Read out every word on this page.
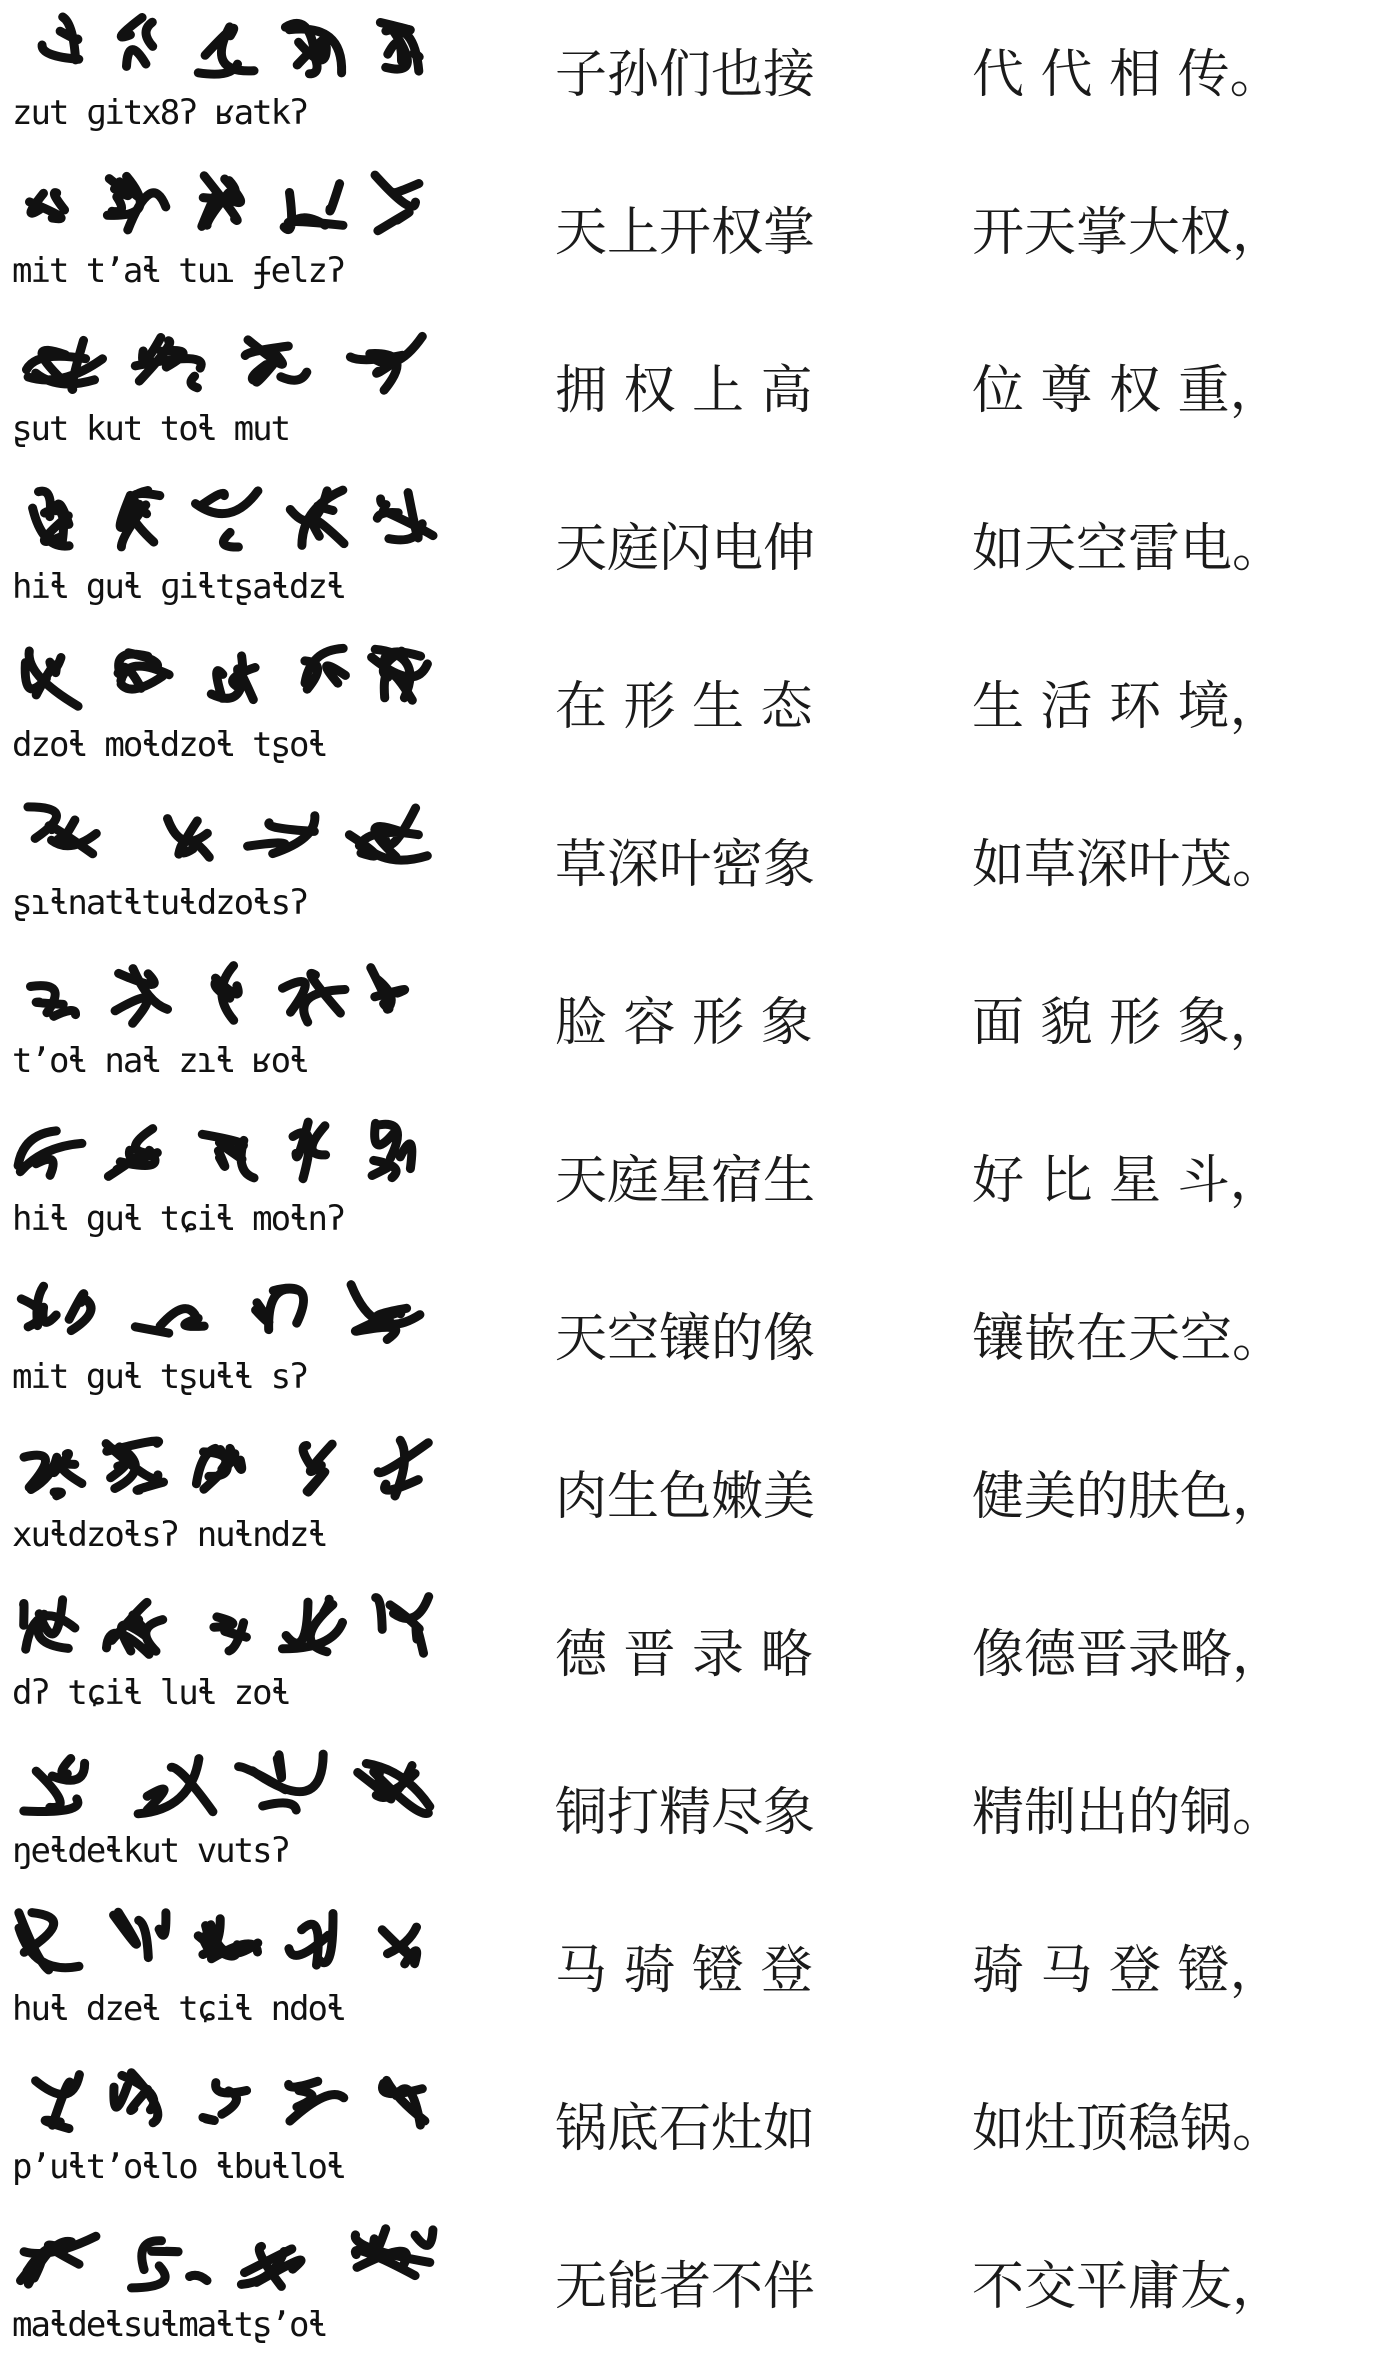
zut ɡitx8ʔ ʁatkʔ
子孙们也接	代 代 相 传。
mit tʼaɬ tuɿ ʄelzʔ
天上开权掌	开天掌大权，
ʂut kut toɬ mut
拥 权 上 高	位 尊 权 重，
hiɬ guɬ ɡiɬtʂaɬdzɬ
天庭闪电伸	如天空雷电。
dzoɬ moɬdzoɬ tʂoɬ
在 形 生 态	生 活 环 境，
ʂɿɬnatɬtuɬdzoɬsʔ
草深叶密象	如草深叶茂。
tʼoɬ naɬ zɿɬ ʁoɬ
脸 容 形 象	面 貌 形 象，
hiɬ guɬ tɕiɬ moɬnʔ
天庭星宿生	好 比 星 斗，
mit guɬ tʂuɬɬ sʔ
天空镶的像	镶嵌在天空。
xuɬdzoɬsʔ nuɬndzɬ
肉生色嫩美	健美的肤色，
dʔ tɕiɬ luɬ zoɬ
德 晋 录 略	像德晋录略，
ŋeɬdeɬkut vutsʔ
铜打精尽象	精制出的铜。
huɬ dzeɬ tɕiɬ ndoɬ
马 骑 镫 登	骑 马 登 镫，
pʼuɬtʼoɬlo ɬbuɬloɬ
锅底石灶如	如灶顶稳锅。
maɬdeɬsuɬmaɬtʂʼoɬ
无能者不伴	不交平庸友，
